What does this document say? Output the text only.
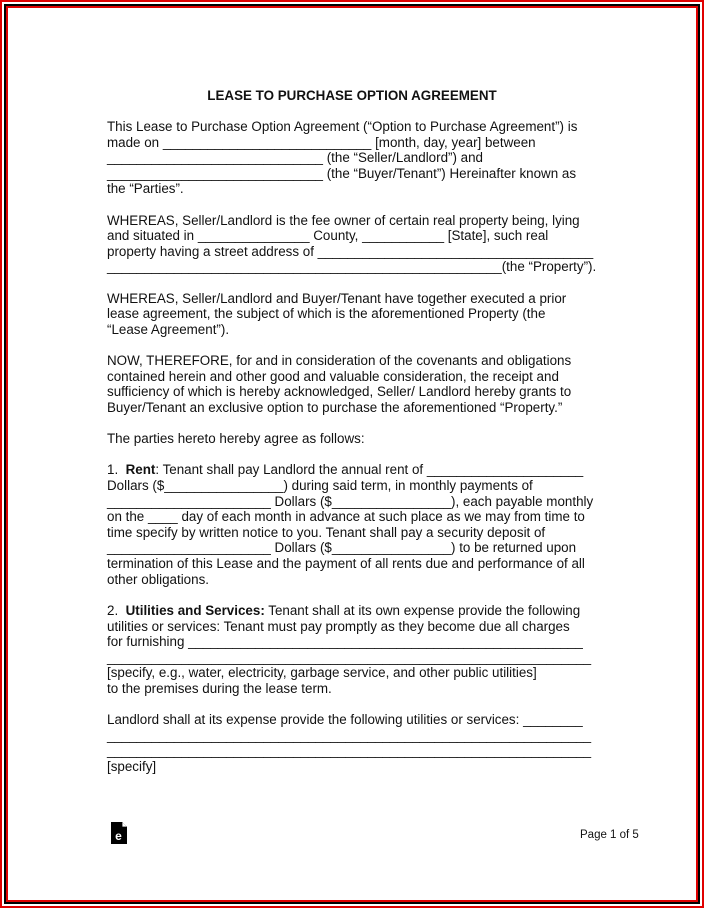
LEASE TO PURCHASE OPTION AGREEMENT
This Lease to Purchase Option Agreement (“Option to Purchase Agreement”) is
made on ____________________________ [month, day, year] between
_____________________________ (the “Seller/Landlord”) and
_____________________________ (the “Buyer/Tenant”) Hereinafter known as
the “Parties”.
WHEREAS, Seller/Landlord is the fee owner of certain real property being, lying
and situated in _______________ County, ___________ [State], such real
property having a street address of _____________________________________
_____________________________________________________(the “Property”).
WHEREAS, Seller/Landlord and Buyer/Tenant have together executed a prior
lease agreement, the subject of which is the aforementioned Property (the
“Lease Agreement”).
NOW, THEREFORE, for and in consideration of the covenants and obligations
contained herein and other good and valuable consideration, the receipt and
sufficiency of which is hereby acknowledged, Seller/ Landlord hereby grants to
Buyer/Tenant an exclusive option to purchase the aforementioned “Property.”
The parties hereto hereby agree as follows:
1.  Rent: Tenant shall pay Landlord the annual rent of _____________________
Dollars ($________________) during said term, in monthly payments of
______________________ Dollars ($________________), each payable monthly
on the ____ day of each month in advance at such place as we may from time to
time specify by written notice to you. Tenant shall pay a security deposit of
______________________ Dollars ($________________) to be returned upon
termination of this Lease and the payment of all rents due and performance of all
other obligations.
2.  Utilities and Services: Tenant shall at its own expense provide the following
utilities or services: Tenant must pay promptly as they become due all charges
for furnishing _____________________________________________________
_________________________________________________________________
[specify, e.g., water, electricity, garbage service, and other public utilities]
to the premises during the lease term.
Landlord shall at its expense provide the following utilities or services: ________
_________________________________________________________________
_________________________________________________________________
[specify]
e	Page 1 of 5
